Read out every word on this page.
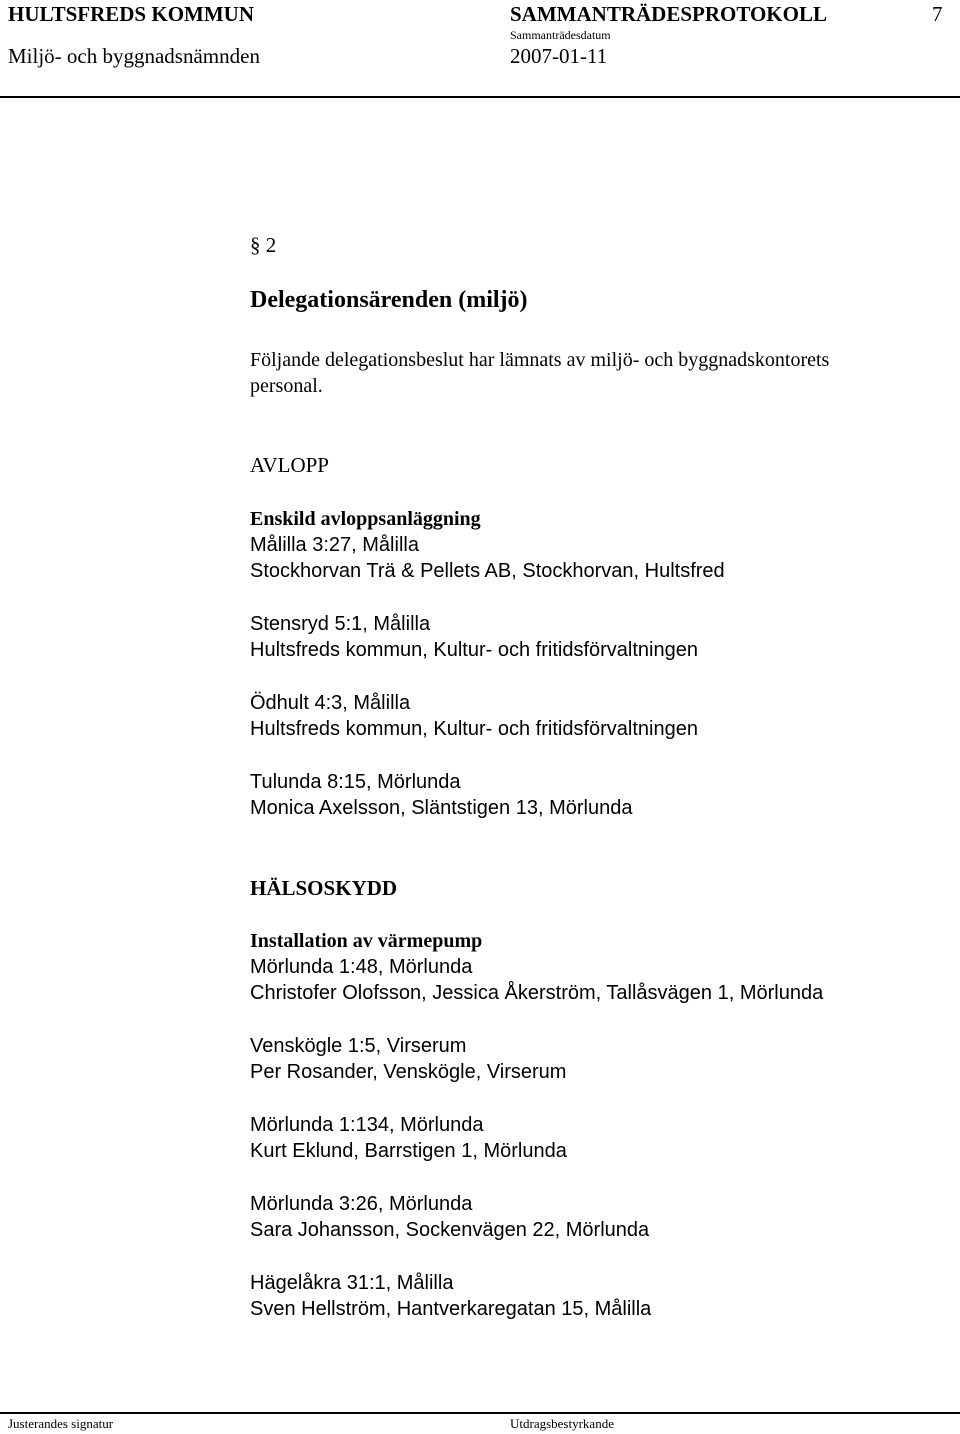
HULTSFREDS KOMMUN	SAMMANTRÄDESPROTOKOLL	7
Sammanträdesdatum
Miljö- och byggnadsnämnden	2007-01-11
§ 2
Delegationsärenden (miljö)
Följande delegationsbeslut har lämnats av miljö- och byggnadskontorets
personal.
AVLOPP
Enskild avloppsanläggning
Målilla 3:27, Målilla
Stockhorvan Trä & Pellets AB, Stockhorvan, Hultsfred
Stensryd 5:1, Målilla
Hultsfreds kommun, Kultur- och fritidsförvaltningen
Ödhult 4:3, Målilla
Hultsfreds kommun, Kultur- och fritidsförvaltningen
Tulunda 8:15, Mörlunda
Monica Axelsson, Släntstigen 13, Mörlunda
HÄLSOSKYDD
Installation av värmepump
Mörlunda 1:48, Mörlunda
Christofer Olofsson, Jessica Åkerström, Tallåsvägen 1, Mörlunda
Venskögle 1:5, Virserum
Per Rosander, Venskögle, Virserum
Mörlunda 1:134, Mörlunda
Kurt Eklund, Barrstigen 1, Mörlunda
Mörlunda 3:26, Mörlunda
Sara Johansson, Sockenvägen 22, Mörlunda
Hägelåkra 31:1, Målilla
Sven Hellström, Hantverkaregatan 15, Målilla
Justerandes signatur	Utdragsbestyrkande
